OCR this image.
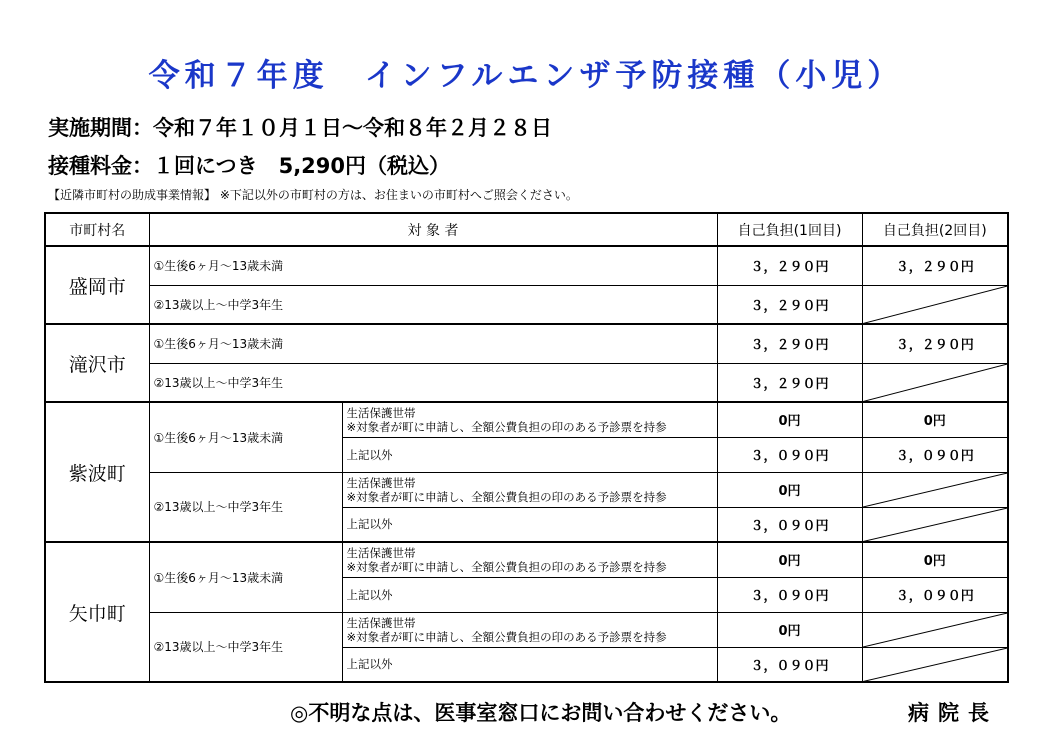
令和７年度　インフルエンザ予防接種（小児）
実施期間：令和７年１０月１日～令和８年２月２８日
接種料金：１回につき　5,290円（税込）
【近隣市町村の助成事業情報】 ※下記以外の市町村の方は、お住まいの市町村へご照会ください。
市町村名	対 象 者		自己負担(1回目)	自己負担(2回目)
盛岡市	①生後6ヶ月～13歳未満		３，２９０円	３，２９０円
	②13歳以上～中学3年生		３，２９０円	

滝沢市	①生後6ヶ月～13歳未満		３，２９０円	３，２９０円
	②13歳以上～中学3年生		３，２９０円	

紫波町	①生後6ヶ月～13歳未満	生活保護世帯
※対象者が町に申請し、全額公費負担の印のある予診票を持参	0円	0円
		上記以外	３，０９０円	３，０９０円
	②13歳以上～中学3年生	生活保護世帯
※対象者が町に申請し、全額公費負担の印のある予診票を持参	0円	

		上記以外	３，０９０円	

矢巾町	①生後6ヶ月～13歳未満	生活保護世帯
※対象者が町に申請し、全額公費負担の印のある予診票を持参	0円	0円
		上記以外	３，０９０円	３，０９０円
	②13歳以上～中学3年生	生活保護世帯
※対象者が町に申請し、全額公費負担の印のある予診票を持参	0円	

		上記以外	３，０９０円	
◎不明な点は、医事室窓口にお問い合わせください。	病院長
